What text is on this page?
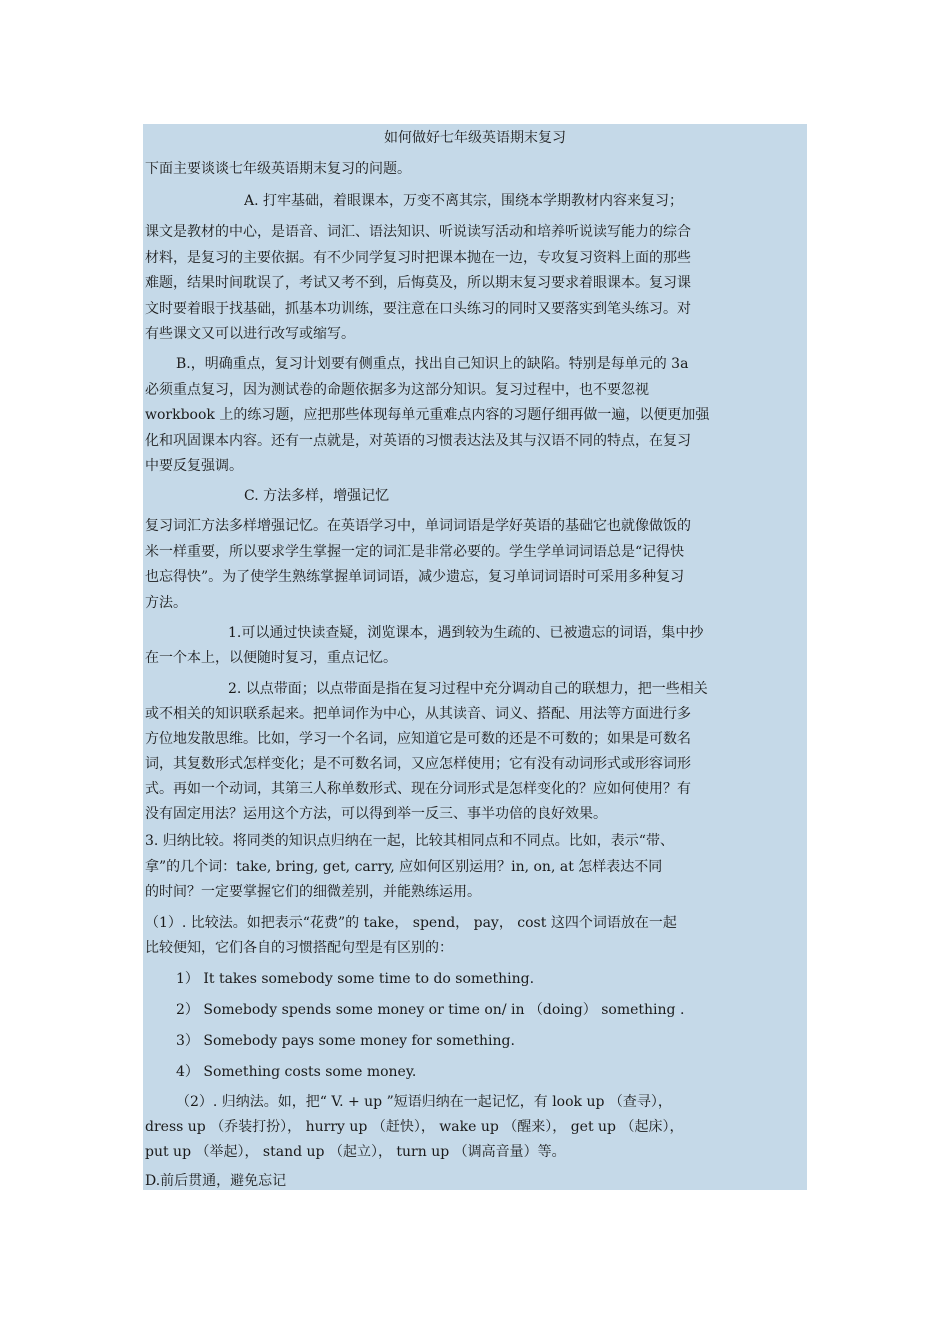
如何做好七年级英语期末复习
下面主要谈谈七年级英语期末复习的问题。
A. 打牢基础，着眼课本，万变不离其宗，围绕本学期教材内容来复习；
课文是教材的中心，是语音、词汇、语法知识、听说读写活动和培养听说读写能力的综合
材料，是复习的主要依据。有不少同学复习时把课本抛在一边，专攻复习资料上面的那些
难题，结果时间耽误了，考试又考不到，后悔莫及，所以期末复习要求着眼课本。复习课
文时要着眼于找基础，抓基本功训练，要注意在口头练习的同时又要落实到笔头练习。对
有些课文又可以进行改写或缩写。
B.，明确重点，复习计划要有侧重点，找出自己知识上的缺陷。特别是每单元的 3a
必须重点复习，因为测试卷的命题依据多为这部分知识。复习过程中，也不要忽视
workbook 上的练习题，应把那些体现每单元重难点内容的习题仔细再做一遍，以便更加强
化和巩固课本内容。还有一点就是，对英语的习惯表达法及其与汉语不同的特点，在复习
中要反复强调。
C. 方法多样，增强记忆
复习词汇方法多样增强记忆。在英语学习中，单词词语是学好英语的基础它也就像做饭的
米一样重要，所以要求学生掌握一定的词汇是非常必要的。学生学单词词语总是“记得快
也忘得快”。为了使学生熟练掌握单词词语，减少遗忘，复习单词词语时可采用多种复习
方法。
1.可以通过快读查疑，浏览课本，遇到较为生疏的、已被遗忘的词语，集中抄
在一个本上，以便随时复习，重点记忆。
2. 以点带面；以点带面是指在复习过程中充分调动自己的联想力，把一些相关
或不相关的知识联系起来。把单词作为中心，从其读音、词义、搭配、用法等方面进行多
方位地发散思维。比如，学习一个名词，应知道它是可数的还是不可数的；如果是可数名
词，其复数形式怎样变化；是不可数名词，又应怎样使用；它有没有动词形式或形容词形
式。再如一个动词，其第三人称单数形式、现在分词形式是怎样变化的？应如何使用？有
没有固定用法？运用这个方法，可以得到举一反三、事半功倍的良好效果。
3. 归纳比较。将同类的知识点归纳在一起，比较其相同点和不同点。比如，表示“带、
拿”的几个词：take, bring, get, carry, 应如何区别运用？in, on, at 怎样表达不同
的时间？一定要掌握它们的细微差别，并能熟练运用。
（1）. 比较法。如把表示“花费”的 take， spend， pay， cost 这四个词语放在一起
比较便知，它们各自的习惯搭配句型是有区别的：
1） It takes somebody some time to do something.
2） Somebody spends some money or time on/ in （doing） something .
3） Somebody pays some money for something.
4） Something costs some money.
（2）. 归纳法。如，把“ V. + up ”短语归纳在一起记忆，有 look up （查寻），
dress up （乔装打扮）， hurry up （赶快）， wake up （醒来）， get up （起床），
put up （举起）， stand up （起立）， turn up （调高音量）等。
D.前后贯通，避免忘记
